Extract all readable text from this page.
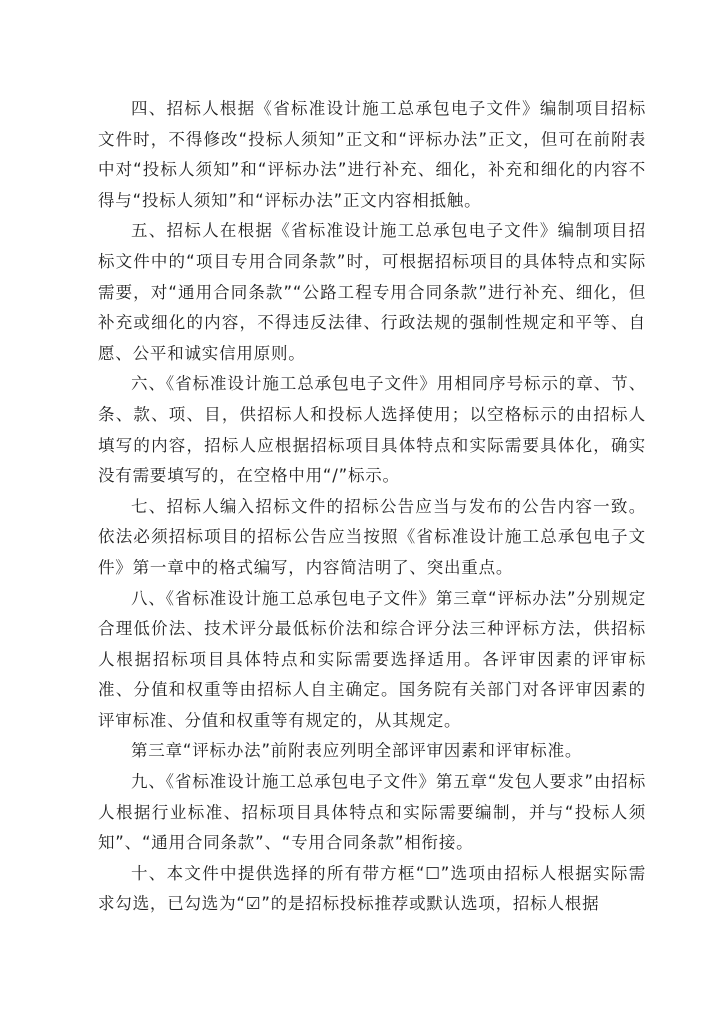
四、招标人根据《省标准设计施工总承包电子文件》编制项目招标文件时，不得修改“投标人须知”正文和“评标办法”正文，但可在前附表中对“投标人须知”和“评标办法”进行补充、细化，补充和细化的内容不得与“投标人须知”和“评标办法”正文内容相抵触。

五、招标人在根据《省标准设计施工总承包电子文件》编制项目招标文件中的“项目专用合同条款”时，可根据招标项目的具体特点和实际需要，对“通用合同条款”“公路工程专用合同条款”进行补充、细化，但补充或细化的内容，不得违反法律、行政法规的强制性规定和平等、自愿、公平和诚实信用原则。

六、《省标准设计施工总承包电子文件》用相同序号标示的章、节、条、款、项、目，供招标人和投标人选择使用；以空格标示的由招标人填写的内容，招标人应根据招标项目具体特点和实际需要具体化，确实没有需要填写的，在空格中用“/”标示。

七、招标人编入招标文件的招标公告应当与发布的公告内容一致。依法必须招标项目的招标公告应当按照《省标准设计施工总承包电子文件》第一章中的格式编写，内容简洁明了、突出重点。

八、《省标准设计施工总承包电子文件》第三章“评标办法”分别规定合理低价法、技术评分最低标价法和综合评分法三种评标方法，供招标人根据招标项目具体特点和实际需要选择适用。各评审因素的评审标准、分值和权重等由招标人自主确定。国务院有关部门对各评审因素的评审标准、分值和权重等有规定的，从其规定。

第三章“评标办法”前附表应列明全部评审因素和评审标准。

九、《省标准设计施工总承包电子文件》第五章“发包人要求”由招标人根据行业标准、招标项目具体特点和实际需要编制，并与“投标人须知”、“通用合同条款”、“专用合同条款”相衔接。

十、本文件中提供选择的所有带方框“☐”选项由招标人根据实际需求勾选，已勾选为“☑”的是招标投标推荐或默认选项，招标人根据
